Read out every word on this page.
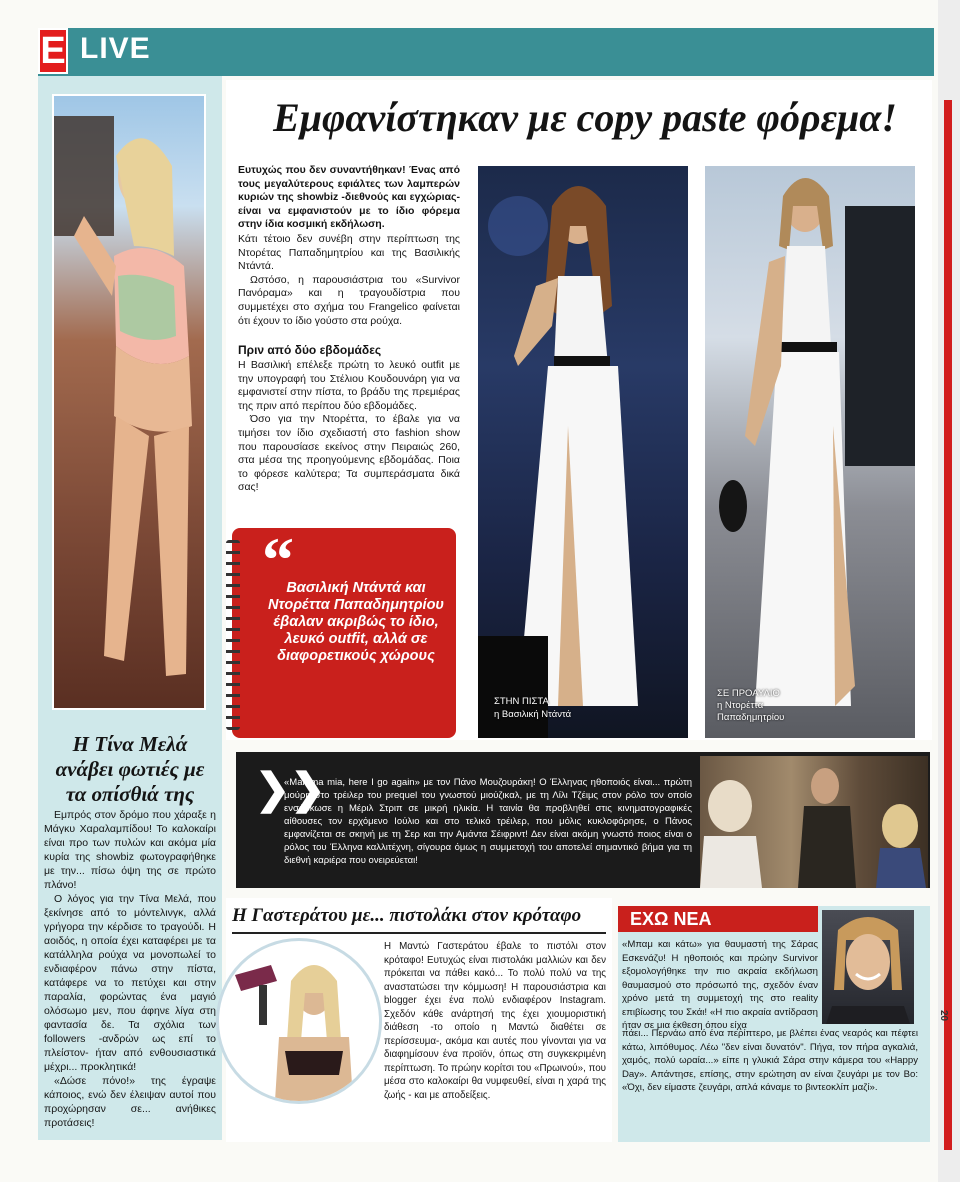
E LIVE
Η Τίνα Μελά ανάβει φωτιές με τα οπίσθιά της

Εμπρός στον δρόμο που χάραξε η Μάγκυ Χαραλαμπίδου! Το καλοκαίρι είναι προ των πυλών και ακόμα μία κυρία της showbiz φωτογραφήθηκε με την... πίσω όψη της σε πρώτο πλάνο!

Ο λόγος για την Τίνα Μελά, που ξεκίνησε από το μόντελινγκ, αλλά γρήγορα την κέρδισε το τραγούδι. Η αοιδός, η οποία έχει καταφέρει με τα κατάλληλα ρούχα να μονοπωλεί το ενδιαφέρον πάνω στην πίστα, κατάφερε να το πετύχει και στην παραλία, φορώντας ένα μαγιό ολόσωμο μεν, που άφηνε λίγα στη φαντασία δε. Τα σχόλια των followers -ανδρών ως επί το πλείστον- ήταν από ενθουσιαστικά μέχρι... προκλητικά!

«Δώσε πόνο!» της έγραψε κάποιος, ενώ δεν έλειψαν αυτοί που προχώρησαν σε... ανήθικες προτάσεις!

Εμφανίστηκαν με copy paste φόρεμα!
Ευτυχώς που δεν συναντήθηκαν! Ένας από τους μεγαλύτερους εφιάλτες των λαμπερών κυριών της showbiz -διεθνούς και εγχώριας- είναι να εμφανιστούν με το ίδιο φόρεμα στην ίδια κοσμική εκδήλωση.

Κάτι τέτοιο δεν συνέβη στην περίπτωση της Ντορέτας Παπαδημητρίου και της Βασιλικής Ντάντά.

Ωστόσο, η παρουσιάστρια του «Survivor Πανόραμα» και η τραγουδίστρια που συμμετέχει στο σχήμα του Frangelico φαίνεται ότι έχουν το ίδιο γούστο στα ρούχα.

Πριν από δύο εβδομάδες

Η Βασιλική επέλεξε πρώτη το λευκό outfit με την υπογραφή του Στέλιου Κουδουνάρη για να εμφανιστεί στην πίστα, το βράδυ της πρεμιέρας της πριν από περίπου δύο εβδομάδες.

Όσο για την Ντορέττα, το έβαλε για να τιμήσει τον ίδιο σχεδιαστή στο fashion show που παρουσίασε εκείνος στην Πειραιώς 260, στα μέσα της προηγούμενης εβδομάδας. Ποια το φόρεσε καλύτερα; Τα συμπεράσματα δικά σας!

“
Βασιλική Ντάντά και Ντορέττα Παπαδημητρίου έβαλαν ακριβώς το ίδιο, λευκό outfit, αλλά σε διαφορετικούς χώρους
ΣΤΗΝ ΠΙΣΤΑ
η Βασιλική Ντάντά
ΣΕ ΠΡΟΑΥΛΙΟ
η Ντορέττα
Παπαδημητρίου
❯❯
«Mamma mia, here I go again» με τον Πάνο Μουζουράκη! Ο Έλληνας ηθοποιός είναι... πρώτη μούρη στο τρέιλερ του prequel του γνωστού μιούζικαλ, με τη Λίλι Τζέιμς στον ρόλο τον οποίο ενσάρκωσε η Μέριλ Στριπ σε μικρή ηλικία. Η ταινία θα προβληθεί στις κινηματογραφικές αίθουσες τον ερχόμενο Ιούλιο και στο τελικό τρέιλερ, που μόλις κυκλοφόρησε, ο Πάνος εμφανίζεται σε σκηνή με τη Σερ και την Αμάντα Σέιφριντ! Δεν είναι ακόμη γνωστό ποιος είναι ο ρόλος του Έλληνα καλλιτέχνη, σίγουρα όμως η συμμετοχή του αποτελεί σημαντικό βήμα για τη διεθνή καριέρα που ονειρεύεται!
Η Γαστεράτου με... πιστολάκι στον κρόταφο
Η Μαντώ Γαστεράτου έβαλε το πιστόλι στον κρόταφο! Ευτυχώς είναι πιστολάκι μαλλιών και δεν πρόκειται να πάθει κακό... Το πολύ πολύ να της αναστατώσει την κόμμωση! Η παρουσιάστρια και blogger έχει ένα πολύ ενδιαφέρον Instagram. Σχεδόν κάθε ανάρτησή της έχει χιουμοριστική διάθεση -το οποίο η Μαντώ διαθέτει σε περίσσευμα-, ακόμα και αυτές που γίνονται για να διαφημίσουν ένα προϊόν, όπως στη συγκεκριμένη περίπτωση. Το πρώην κορίτσι του «Πρωινού», που μέσα στο καλοκαίρι θα νυμφευθεί, είναι η χαρά της ζωής - και με αποδείξεις.
ΕΧΩ ΝΕΑ
«Μπαμ και κάτω» για θαυμαστή της Σάρας Εσκενάζυ! Η ηθοποιός και πρώην Survivor εξομολογήθηκε την πιο ακραία εκδήλωση θαυμασμού στο πρόσωπό της, σχεδόν έναν χρόνο μετά τη συμμετοχή της στο reality επιβίωσης του Σκάι! «Η πιο ακραία αντίδραση ήταν σε μια έκθεση όπου είχα
πάει... Περνάω από ένα περίπτερο, με βλέπει ένας νεαρός και πέφτει κάτω, λιπόθυμος. Λέω "δεν είναι δυνατόν". Πήγα, τον πήρα αγκαλιά, χαμός, πολύ ωραία...» είπε η γλυκιά Σάρα στην κάμερα του «Happy Day». Απάντησε, επίσης, στην ερώτηση αν είναι ζευγάρι με τον Βο: «Όχι, δεν είμαστε ζευγάρι, απλά κάναμε το βιντεοκλίπ μαζί».
20
